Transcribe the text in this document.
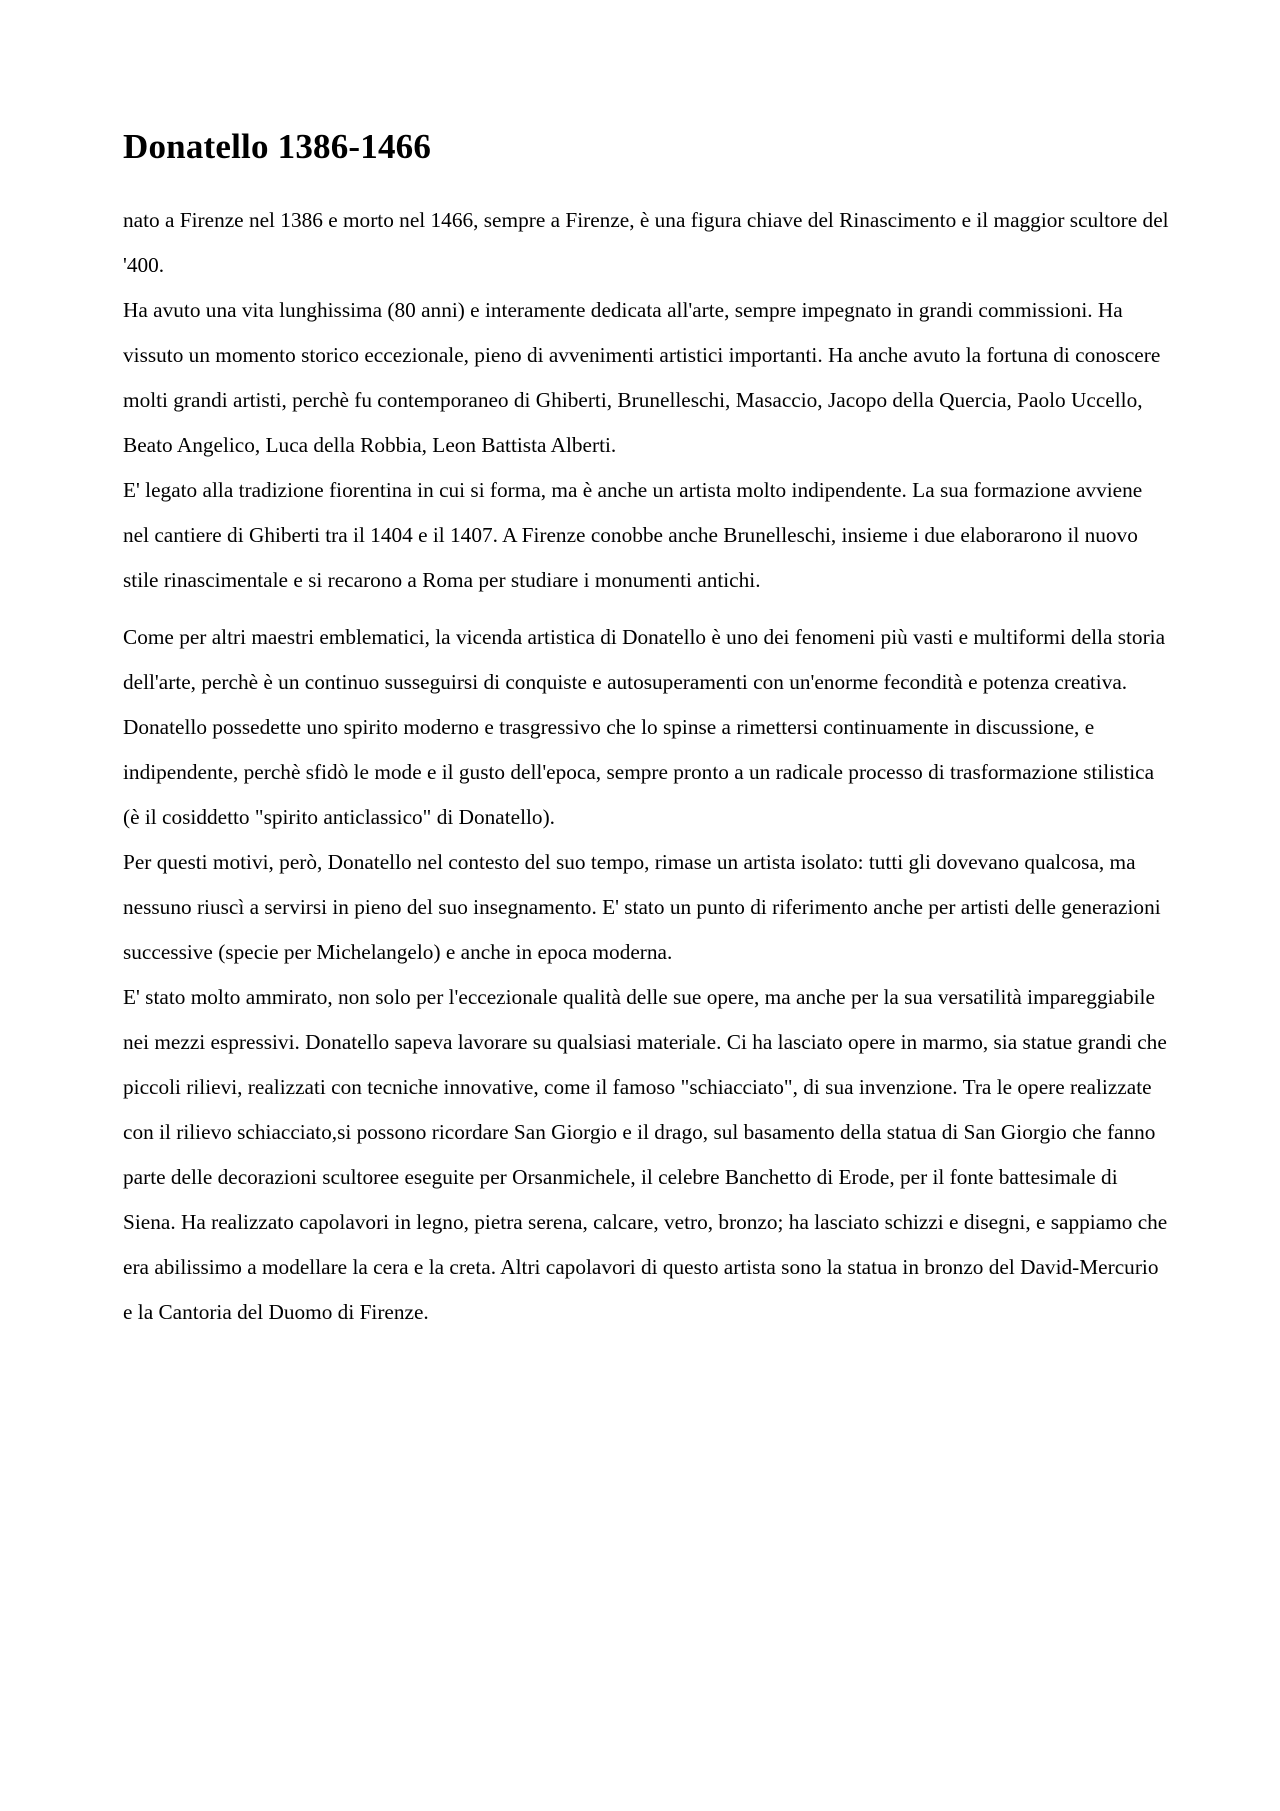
Donatello 1386-1466

nato a Firenze nel 1386 e morto nel 1466, sempre a Firenze, è una figura chiave del Rinascimento e il maggior scultore del '400.

Ha avuto una vita lunghissima (80 anni) e interamente dedicata all'arte, sempre impegnato in grandi commissioni. Ha vissuto un momento storico eccezionale, pieno di avvenimenti artistici importanti. Ha anche avuto la fortuna di conoscere molti grandi artisti, perchè fu contemporaneo di Ghiberti, Brunelleschi, Masaccio, Jacopo della Quercia, Paolo Uccello, Beato Angelico, Luca della Robbia, Leon Battista Alberti.

E' legato alla tradizione fiorentina in cui si forma, ma è anche un artista molto indipendente. La sua formazione avviene nel cantiere di Ghiberti tra il 1404 e il 1407. A Firenze conobbe anche Brunelleschi, insieme i due elaborarono il nuovo stile rinascimentale e si recarono a Roma per studiare i monumenti antichi.

Come per altri maestri emblematici, la vicenda artistica di Donatello è uno dei fenomeni più vasti e multiformi della storia dell'arte, perchè è un continuo susseguirsi di conquiste e autosuperamenti con un'enorme fecondità e potenza creativa. Donatello possedette uno spirito moderno e trasgressivo che lo spinse a rimettersi continuamente in discussione, e indipendente, perchè sfidò le mode e il gusto dell'epoca, sempre pronto a un radicale processo di trasformazione stilistica (è il cosiddetto "spirito anticlassico" di Donatello).

Per questi motivi, però, Donatello nel contesto del suo tempo, rimase un artista isolato: tutti gli dovevano qualcosa, ma nessuno riuscì a servirsi in pieno del suo insegnamento. E' stato un punto di riferimento anche per artisti delle generazioni successive (specie per Michelangelo) e anche in epoca moderna.

E' stato molto ammirato, non solo per l'eccezionale qualità delle sue opere, ma anche per la sua versatilità impareggiabile nei mezzi espressivi. Donatello sapeva lavorare su qualsiasi materiale. Ci ha lasciato opere in marmo, sia statue grandi che piccoli rilievi, realizzati con tecniche innovative, come il famoso "schiacciato", di sua invenzione. Tra le opere realizzate con il rilievo schiacciato,si possono ricordare San Giorgio e il drago, sul basamento della statua di San Giorgio che fanno parte delle decorazioni scultoree eseguite per Orsanmichele, il celebre Banchetto di Erode, per il fonte battesimale di Siena. Ha realizzato capolavori in legno, pietra serena, calcare, vetro, bronzo; ha lasciato schizzi e disegni, e sappiamo che era abilissimo a modellare la cera e la creta. Altri capolavori di questo artista sono la statua in bronzo del David-Mercurio e la Cantoria del Duomo di Firenze.
